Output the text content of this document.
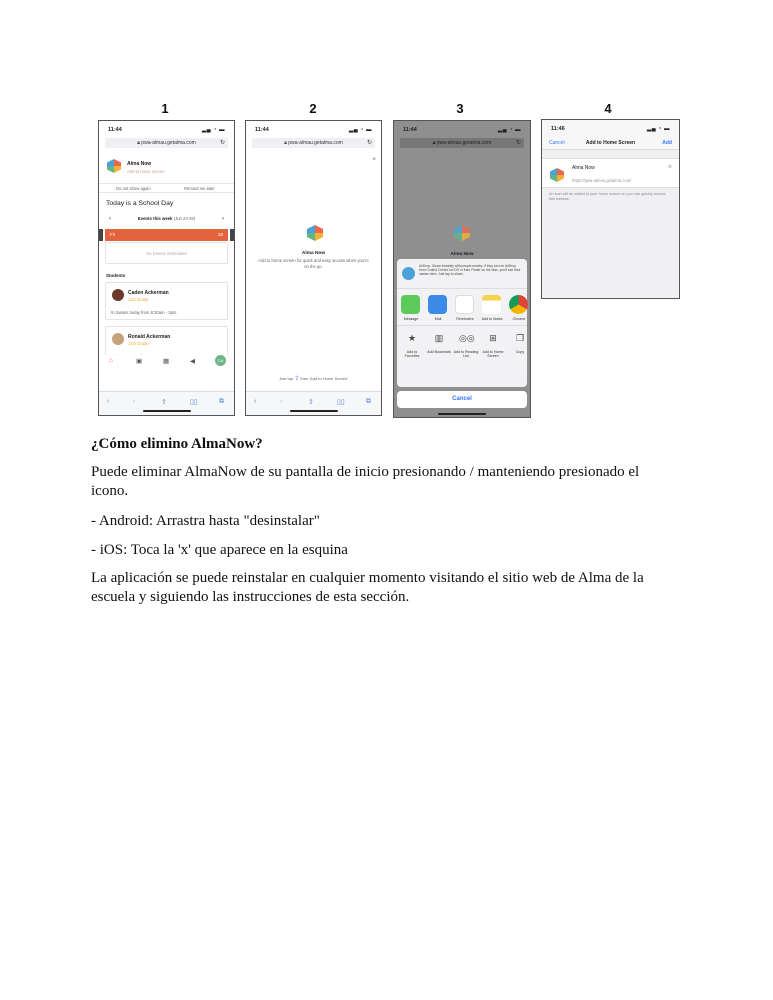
1	2	3	4
11:44	▂▄ ◔ ▬
🔒︎ pwa-almau.getalma.com	↻
Alma Now
Add to home screen
Do not show again	Remind me later
Today is a School Day
‹	Events this week (Jun 23-29)	›
Fri	28
No Events Scheduled
Students
Caden Ackerman
11th Grade
9 classes today from 8:30am - 3pm
Ronald Ackerman
11th Grade
⌂	▣	▦	◀	CA
‹	›	⇪	▯▯	⧉
11:44	▂▄ ◔ ▬
🔒︎ pwa-almau.getalma.com	↻
×
Alma Now
Add to home screen for quick and easy access when you're on the go.
Just tap ⇪ then 'Add to Home Screen'
‹	›	⇪	▯▯	⧉
11:44	▂▄ ◔ ▬
🔒︎ pwa-almau.getalma.com	↻
Alma Now
AirDrop. Share instantly with people nearby. If they turn on AirDrop from Control Center on iOS or from Finder on the Mac, you'll see their names here. Just tap to share.
Message	Mail	Reminders	Add to Notes	Chrome
★	▥	◎◎	⊞	❐
Add to Favorites
Add Bookmark Add to Reading List
Add to Home Screen
Copy
Cancel
11:46	▂▄ ◔ ▬
Cancel	Add to Home Screen	Add
Alma Now	⊗
https://pwa-almau.getalma.com/
An icon will be added to your home screen so you can quickly access this website.
¿Cómo elimino AlmaNow?
Puede eliminar AlmaNow de su pantalla de inicio presionando / manteniendo presionado el icono.
- Android: Arrastra hasta "desinstalar"
- iOS: Toca la 'x' que aparece en la esquina
La aplicación se puede reinstalar en cualquier momento visitando el sitio web de Alma de la escuela y siguiendo las instrucciones de esta sección.
